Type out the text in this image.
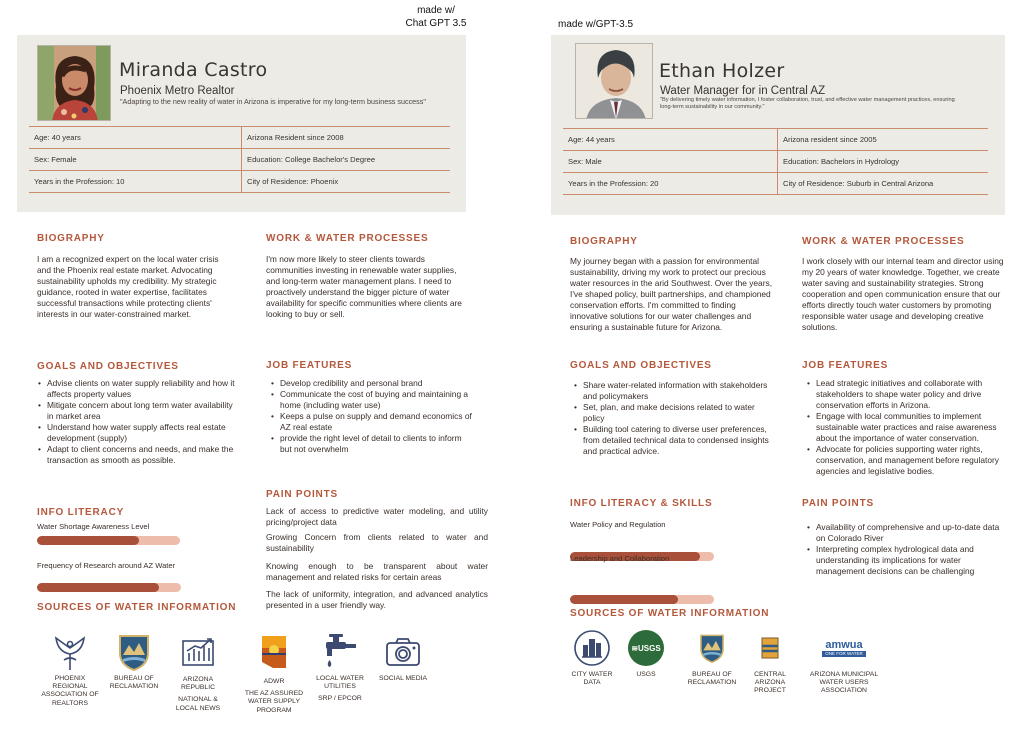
made w/
Chat GPT 3.5	made w/GPT-3.5
Miranda Castro
Phoenix Metro Realtor
"Adapting to the new reality of water in Arizona is imperative for my long-term business success"
Age: 40 years	Arizona Resident since 2008
Sex: Female	Education: College Bachelor's Degree
Years in the Profession: 10	City of Residence: Phoenix
BIOGRAPHY
I am a recognized expert on the local water crisis and the Phoenix real estate market. Advocating sustainability upholds my credibility. My strategic guidance, rooted in water expertise, facilitates successful transactions while protecting clients' interests in our water-constrained market.
WORK & WATER PROCESSES
I'm now more likely to steer clients towards communities investing in renewable water supplies, and long-term water management plans. I need to proactively understand the bigger picture of water availability for specific communities where clients are looking to buy or sell.
GOALS AND OBJECTIVES
• Advise clients on water supply reliability and how it affects property values
• Mitigate concern about long term water availability in market area
• Understand how water supply affects real estate development (supply)
• Adapt to client concerns and needs, and make the transaction as smooth as possible.
JOB FEATURES
• Develop credibility and personal brand
• Communicate the cost of buying and maintaining a home (including water use)
• Keeps a pulse on supply and demand economics of AZ real estate
• provide the right level of detail to clients to inform but not overwhelm
INFO LITERACY
Water Shortage Awareness Level
Frequency of Research around AZ Water
PAIN POINTS
Lack of access to predictive water modeling, and utility pricing/project data
Growing Concern from clients related to water and sustainability
Knowing enough to be transparent about water management and related risks for certain areas
The lack of uniformity, integration, and advanced analytics presented in a user friendly way.
SOURCES OF WATER INFORMATION
PHOENIX REGIONAL ASSOCIATION OF REALTORS
BUREAU OF RECLAMATION
ARIZONA REPUBLIC
NATIONAL & LOCAL NEWS
ADWR
THE AZ ASSURED WATER SUPPLY PROGRAM
LOCAL WATER UTILITIES
SRP / EPCOR
SOCIAL MEDIA
Ethan Holzer
Water Manager for in Central AZ
"By delivering timely water information, I foster collaboration, trust, and effective water management practices, ensuring long-term sustainability in our community."
Age: 44 years	Arizona resident since 2005
Sex: Male	Education: Bachelors in Hydrology
Years in the Profession: 20	City of Residence: Suburb in Central Arizona
BIOGRAPHY
My journey began with a passion for environmental sustainability, driving my work to protect our precious water resources in the arid Southwest. Over the years, I've shaped policy, built partnerships, and championed conservation efforts. I'm committed to finding innovative solutions for our water challenges and ensuring a sustainable future for Arizona.
WORK & WATER PROCESSES
I work closely with our internal team and director using my 20 years of water knowledge. Together, we create water saving and sustainability strategies. Strong cooperation and open communication ensure that our efforts directly touch water customers by promoting responsible water usage and developing creative solutions.
GOALS AND OBJECTIVES
• Share water-related information with stakeholders and policymakers
• Set, plan, and make decisions related to water policy
• Building tool catering to diverse user preferences, from detailed technical data to condensed insights and practical advice.
JOB FEATURES
• Lead strategic initiatives and collaborate with stakeholders to shape water policy and drive conservation efforts in Arizona.
• Engage with local communities to implement sustainable water practices and raise awareness about the importance of water conservation.
• Advocate for policies supporting water rights, conservation, and management before regulatory agencies and legislative bodies.
INFO LITERACY & SKILLS
Water Policy and Regulation
Leadership and Collaboration
PAIN POINTS
• Availability of comprehensive and up-to-date data on Colorado River
• Interpreting complex hydrological data and understanding its implications for water management decisions can be challenging
SOURCES OF WATER INFORMATION
CITY WATER DATA
≋USGS
USGS	BUREAU OF RECLAMATION
CENTRAL ARIZONA PROJECT
amwua
ONE FOR WATER
ARIZONA MUNICIPAL WATER USERS ASSOCIATION
